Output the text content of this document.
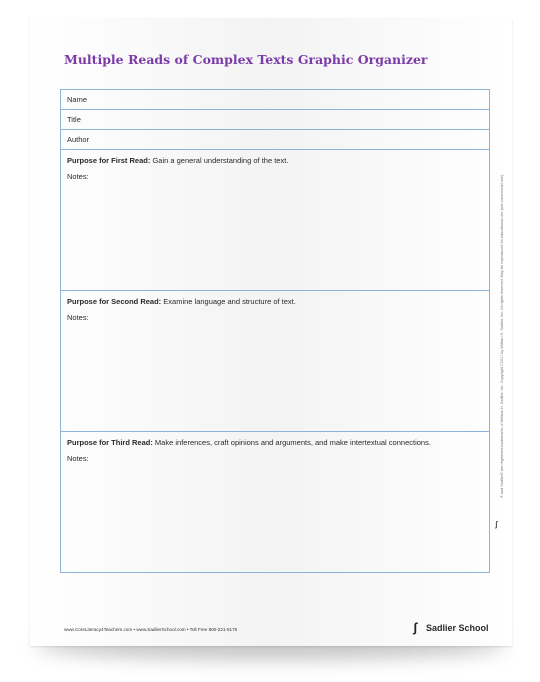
Multiple Reads of Complex Texts Graphic Organizer
Name
Title
Author
Purpose for First Read: Gain a general understanding of the text.
Notes:
Purpose for Second Read: Examine language and structure of text.
Notes:
Purpose for Third Read: Make inferences, craft opinions and arguments, and make intertextual connections.
Notes:	® and Sadlier® are registered trademarks of William H. Sadlier, Inc. Copyright ©2017 by William H. Sadlier, Inc. All rights reserved. May be reproduced for educational use (not commercial use).
ʃ
www.CoreLiteracy4Teachers.com • www.SadlierSchool.com • Toll Free 800-221-5175	ʃ Sadlier School
